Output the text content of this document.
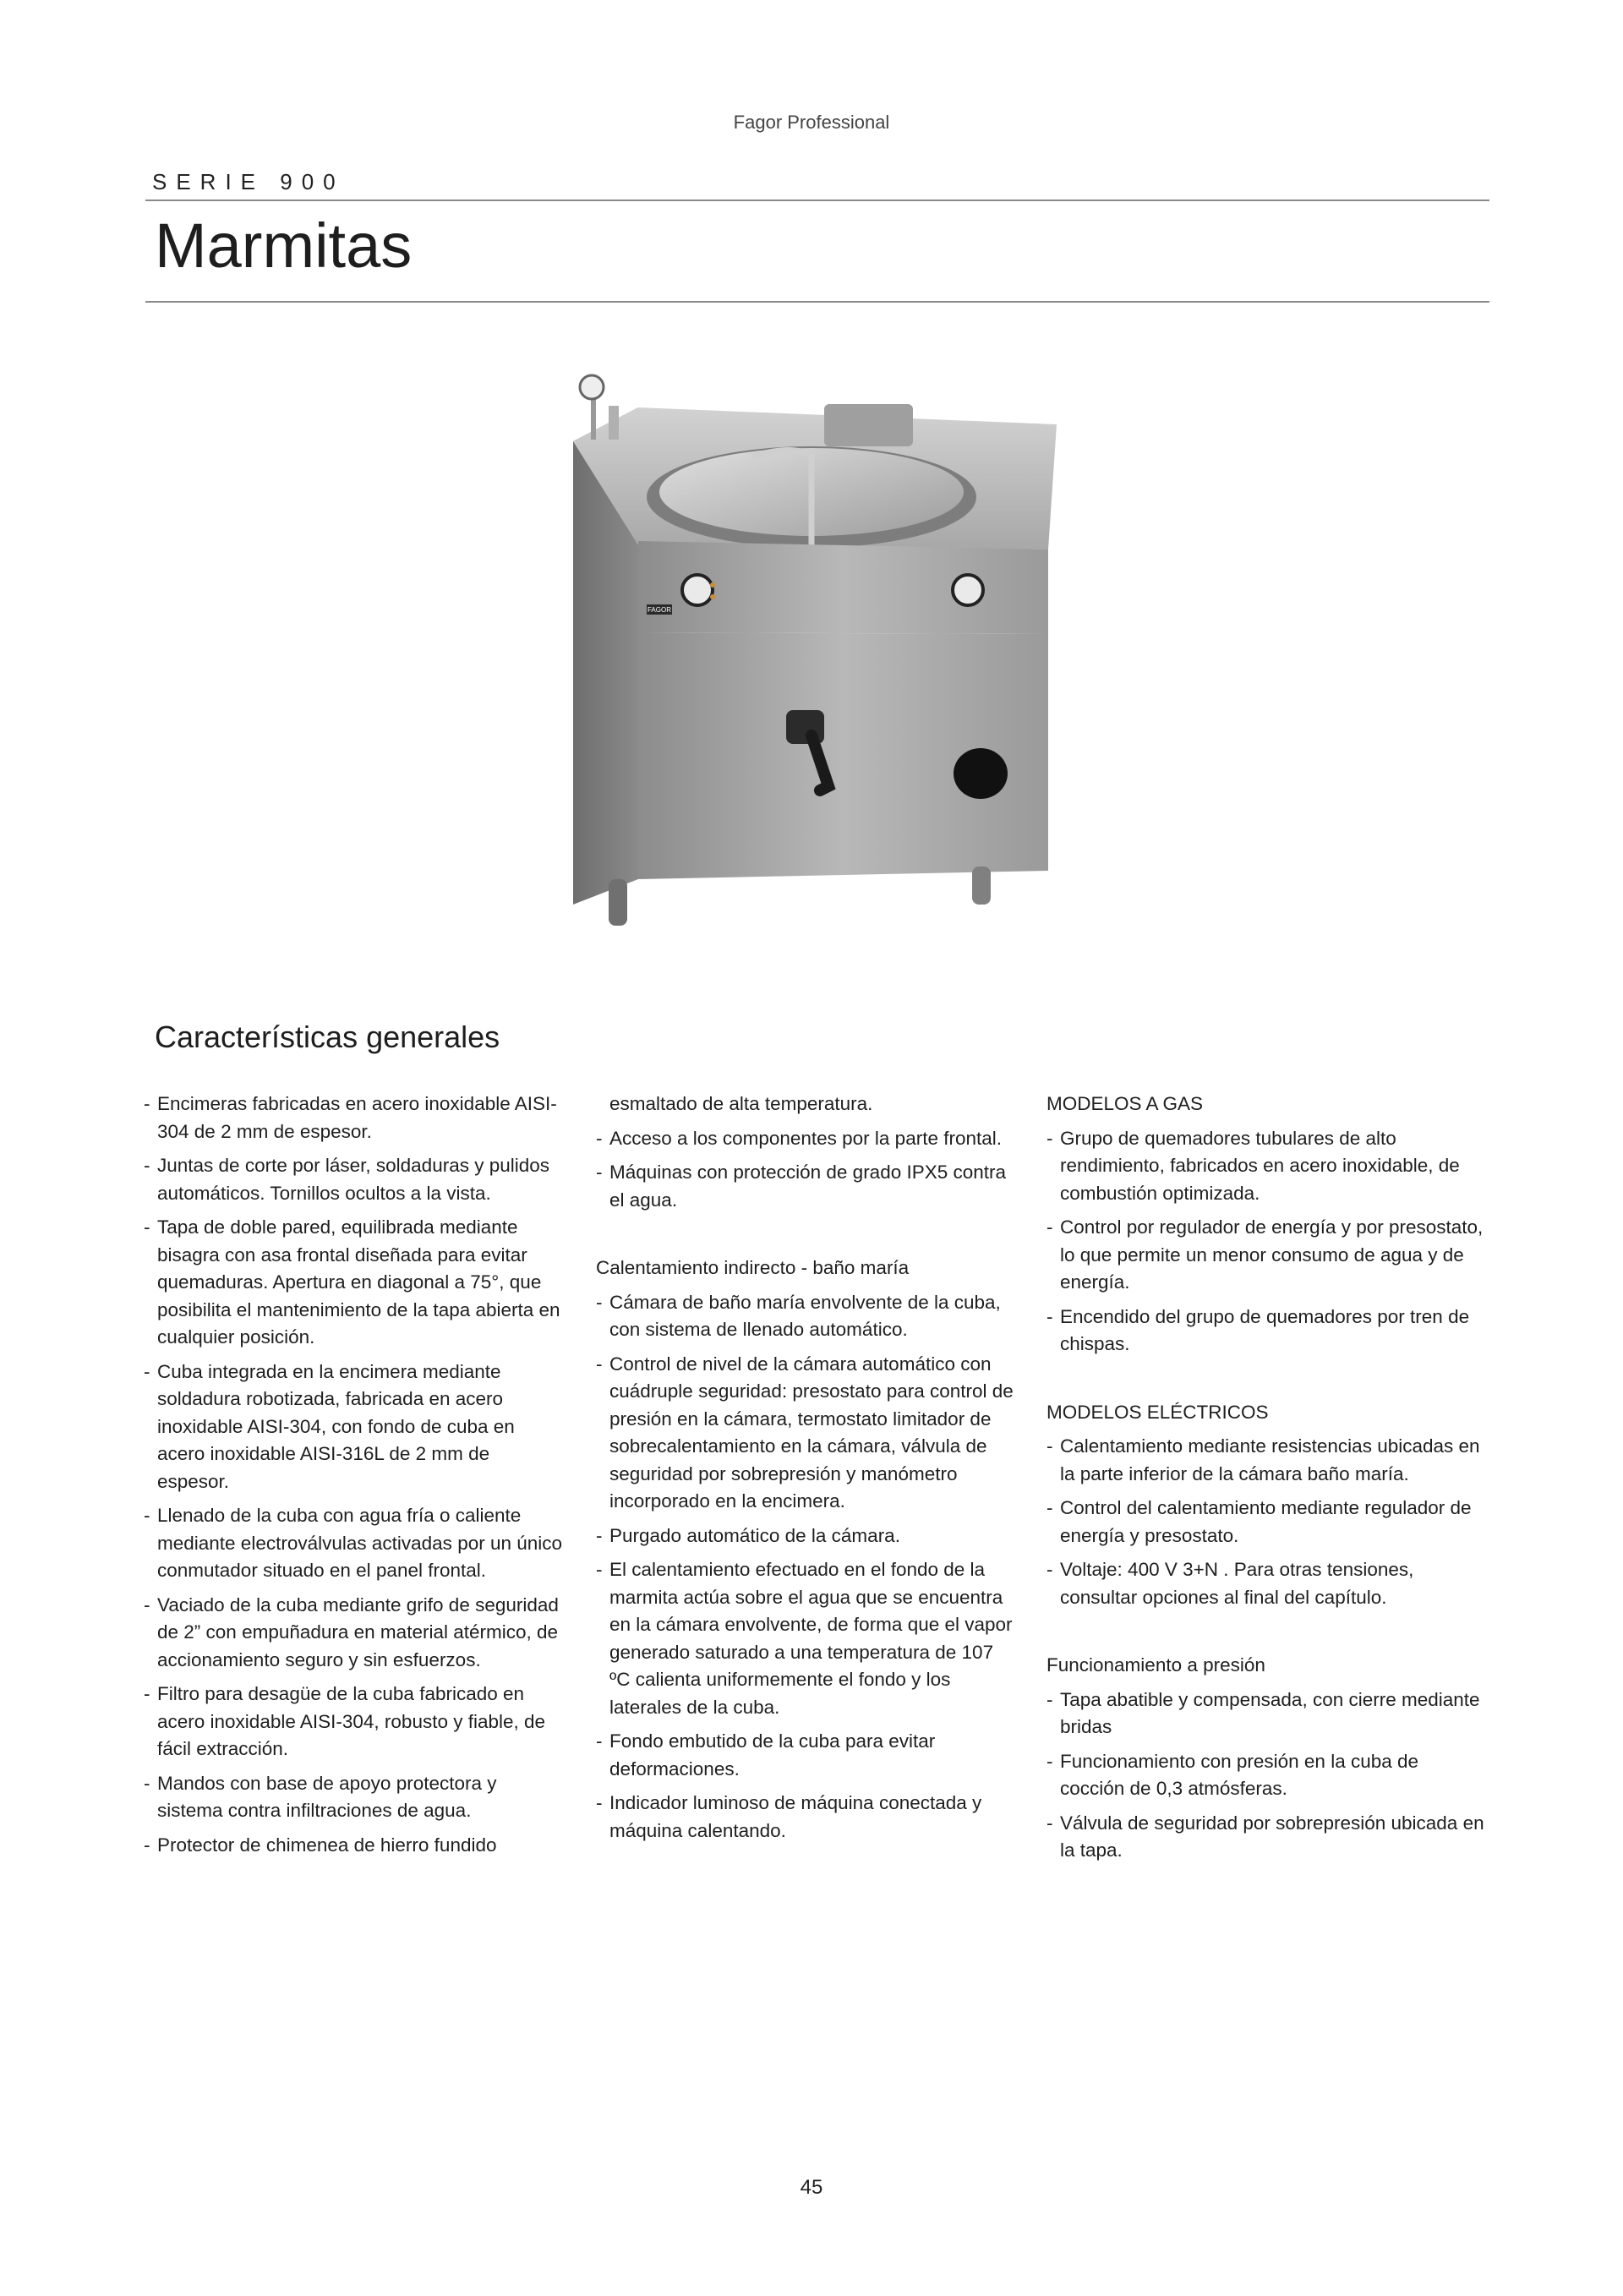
Fagor Professional
SERIE 900
Marmitas
FAGOR
Características generales
- Encimeras fabricadas en acero inoxidable AISI-304 de 2 mm de espesor.
- Juntas de corte por láser, soldaduras y pulidos automáticos. Tornillos ocultos a la vista.
- Tapa de doble pared, equilibrada mediante bisagra con asa frontal diseñada para evitar quemaduras. Apertura en diagonal a 75°, que posibilita el mantenimiento de la tapa abierta en cualquier posición.
- Cuba integrada en la encimera mediante soldadura robotizada, fabricada en acero inoxidable AISI-304, con fondo de cuba en acero inoxidable AISI-316L de 2 mm de espesor.
- Llenado de la cuba con agua fría o caliente mediante electroválvulas activadas por un único conmutador situado en el panel frontal.
- Vaciado de la cuba mediante grifo de seguridad de 2” con empuñadura en material atérmico, de accionamiento seguro y sin esfuerzos.
- Filtro para desagüe de la cuba fabricado en acero inoxidable AISI-304, robusto y fiable, de fácil extracción.
- Mandos con base de apoyo protectora y sistema contra infiltraciones de agua.
- Protector de chimenea de hierro fundido
esmaltado de alta temperatura.
- Acceso a los componentes por la parte frontal.
- Máquinas con protección de grado IPX5 contra el agua.
Calentamiento indirecto - baño maría
- Cámara de baño maría envolvente de la cuba, con sistema de llenado automático.
- Control de nivel de la cámara automático con cuádruple seguridad: presostato para control de presión en la cámara, termostato limitador de sobrecalentamiento en la cámara, válvula de seguridad por sobrepresión y manómetro incorporado en la encimera.
- Purgado automático de la cámara.
- El calentamiento efectuado en el fondo de la marmita actúa sobre el agua que se encuentra en la cámara envolvente, de forma que el vapor generado saturado a una temperatura de 107 ºC calienta uniformemente el fondo y los laterales de la cuba.
- Fondo embutido de la cuba para evitar deformaciones.
- Indicador luminoso de máquina conectada y máquina calentando.
MODELOS A GAS
- Grupo de quemadores tubulares de alto rendimiento, fabricados en acero inoxidable, de combustión optimizada.
- Control por regulador de energía y por presostato, lo que permite un menor consumo de agua y de energía.
- Encendido del grupo de quemadores por tren de chispas.
MODELOS ELÉCTRICOS
- Calentamiento mediante resistencias ubicadas en la parte inferior de la cámara baño maría.
- Control del calentamiento mediante regulador de energía y presostato.
- Voltaje: 400 V 3+N . Para otras tensiones, consultar opciones al final del capítulo.
Funcionamiento a presión
- Tapa abatible y compensada, con cierre mediante bridas
- Funcionamiento con presión en la cuba de cocción de 0,3 atmósferas.
- Válvula de seguridad por sobrepresión ubicada en la tapa.
45
